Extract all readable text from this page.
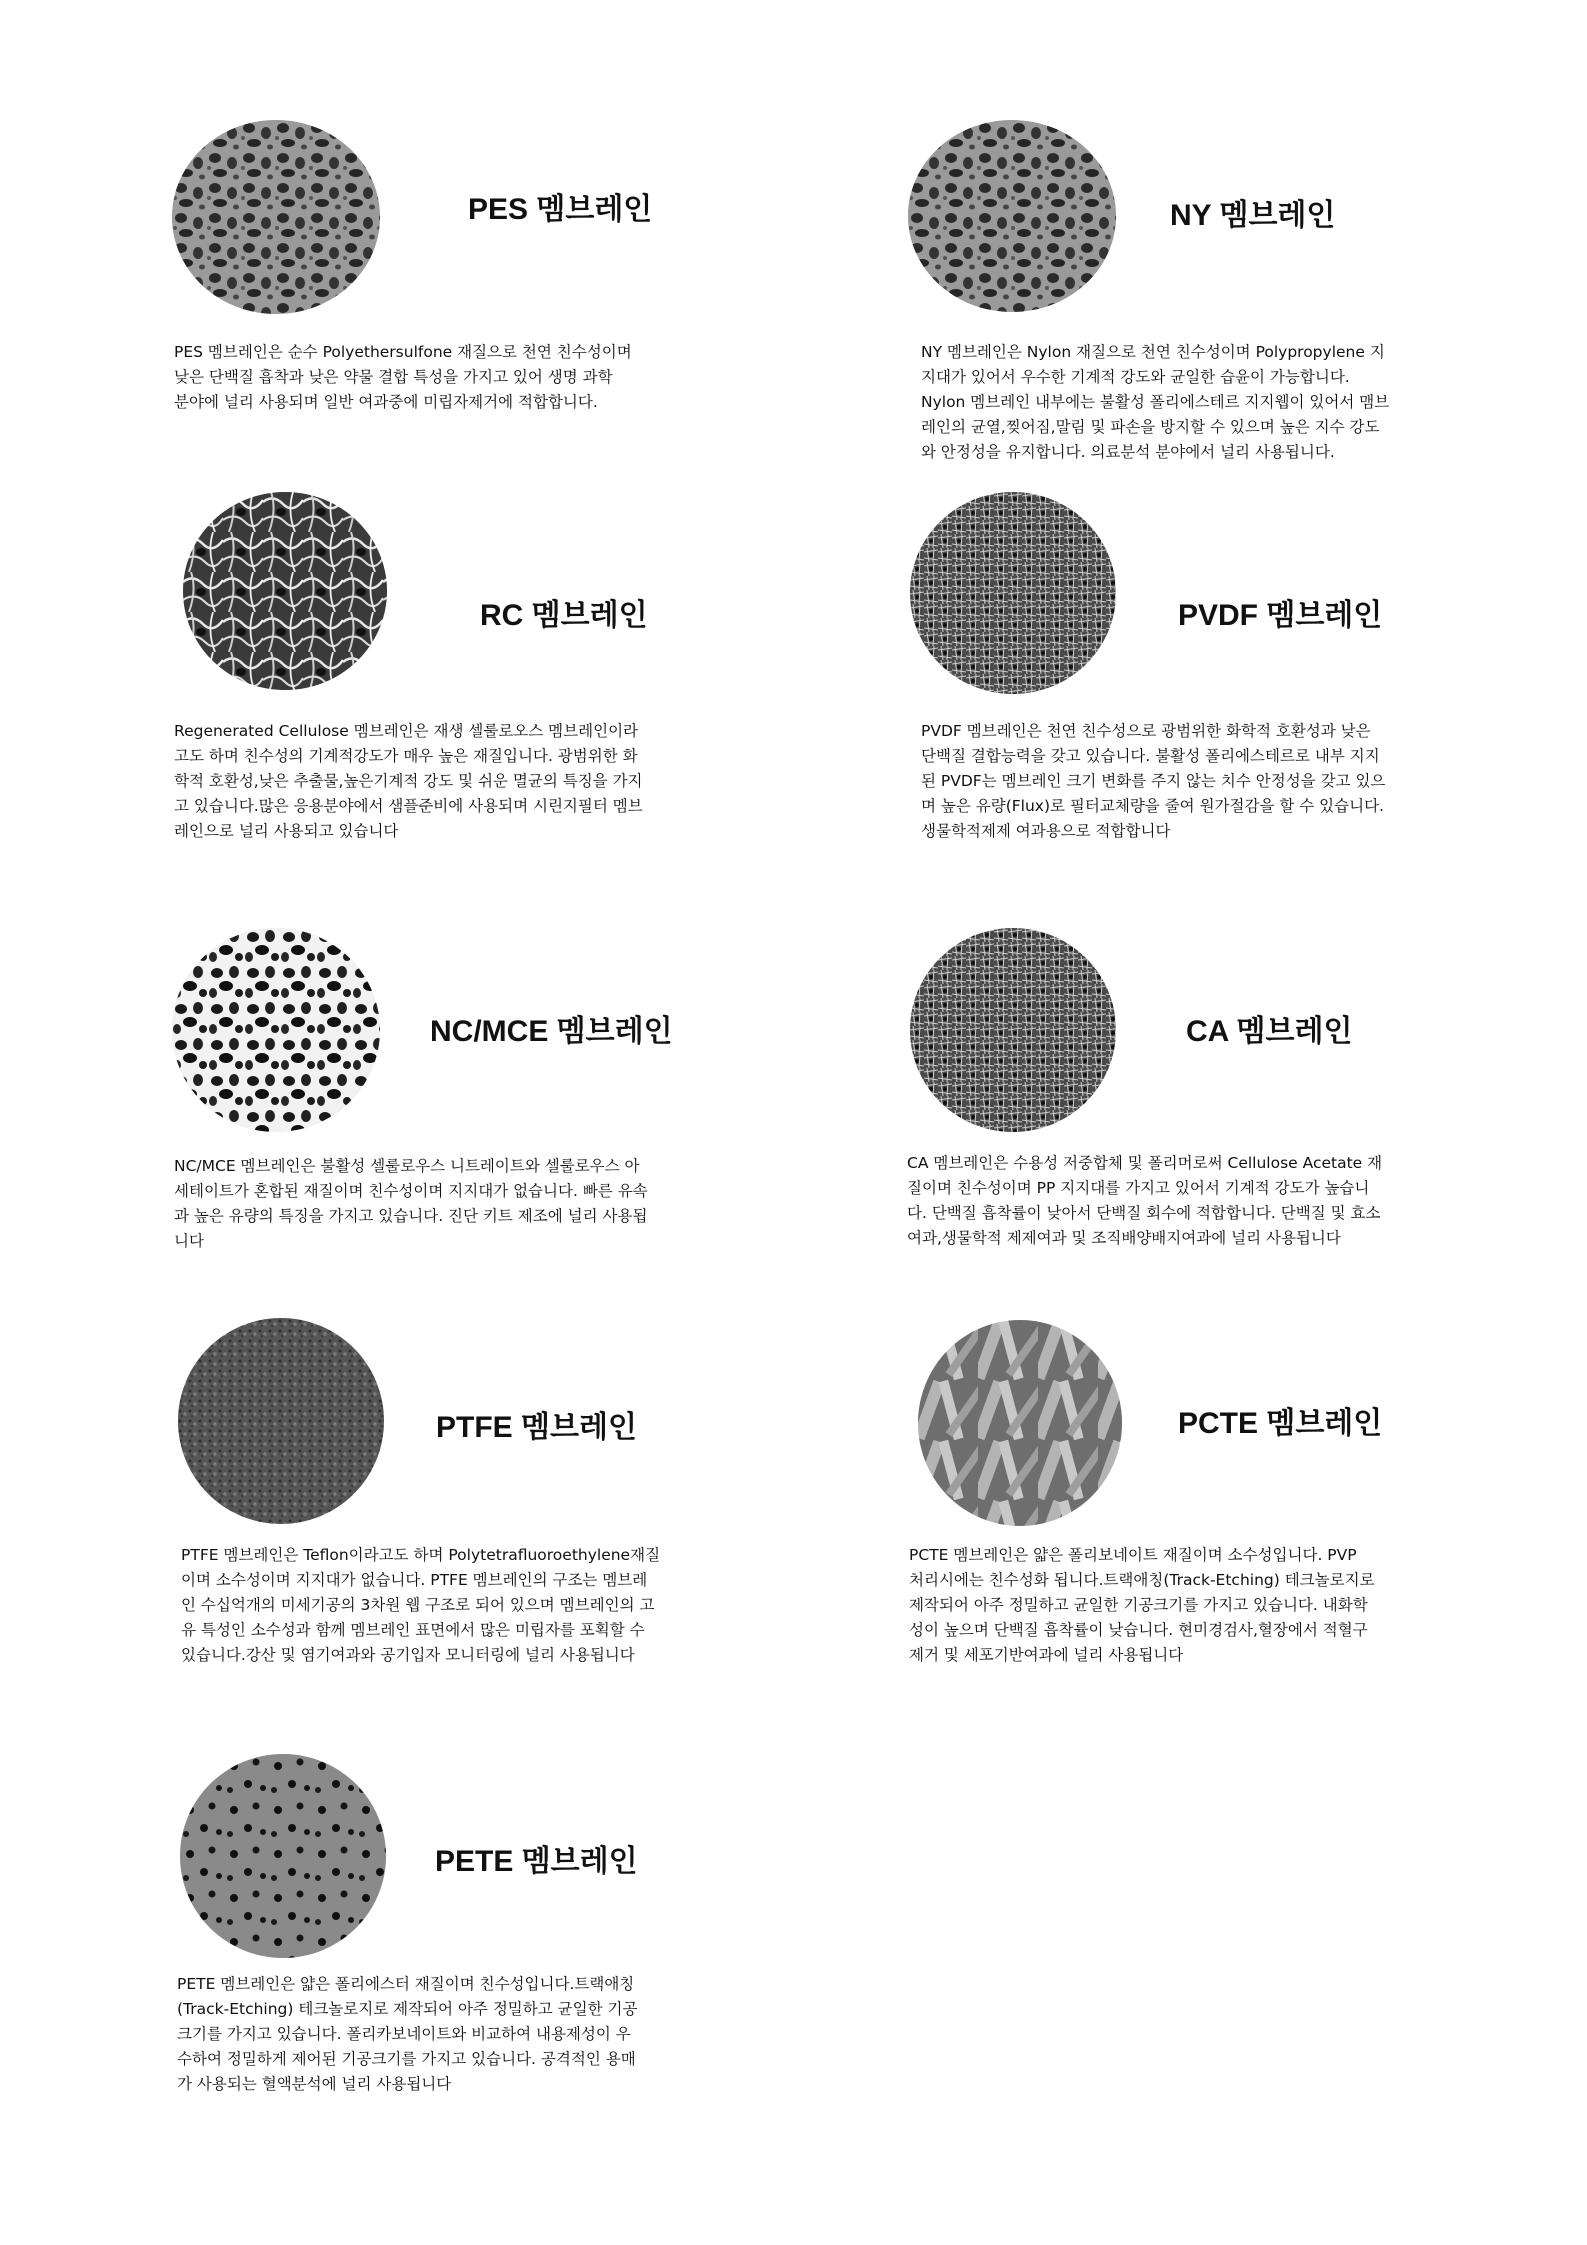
PES 멤브레인

PES 멤브레인은 순수 Polyethersulfone 재질으로 천연 친수성이며
낮은 단백질 흡착과 낮은 약물 결합 특성을 가지고 있어 생명 과학
분야에 널리 사용되며 일반 여과중에 미립자제거에 적합합니다.

NY 멤브레인

NY 멤브레인은 Nylon 재질으로 천연 친수성이며 Polypropylene 지
지대가 있어서 우수한 기계적 강도와 균일한 습윤이 가능합니다.
Nylon 멤브레인 내부에는 불활성 폴리에스테르 지지웹이 있어서 맴브
레인의 균열,찢어짐,말림 및 파손을 방지할 수 있으며 높은 지수 강도
와 안정성을 유지합니다. 의료분석 분야에서 널리 사용됩니다.

RC 멤브레인

Regenerated Cellulose 멤브레인은 재생 셀룰로오스 멤브레인이라
고도 하며 친수성의 기계적강도가 매우 높은 재질입니다. 광범위한 화
학적 호환성,낮은 추출물,높은기계적 강도 및 쉬운 멸균의 특징을 가지
고 있습니다.많은 응용분야에서 샘플준비에 사용되며 시린지필터 멤브
레인으로 널리 사용되고 있습니다

PVDF 멤브레인

PVDF 멤브레인은 천연 친수성으로 광범위한 화학적 호환성과 낮은
단백질 결합능력을 갖고 있습니다. 불활성 폴리에스테르로 내부 지지
된 PVDF는 멤브레인 크기 변화를 주지 않는 치수 안정성을 갖고 있으
며 높은 유량(Flux)로 필터교체량을 줄여 원가절감을 할 수 있습니다.
생물학적제제 여과용으로 적합합니다

NC/MCE 멤브레인

NC/MCE 멤브레인은 불활성 셀룰로우스 니트레이트와 셀룰로우스 아
세테이트가 혼합된 재질이며 친수성이며 지지대가 없습니다. 빠른 유속
과 높은 유량의 특징을 가지고 있습니다. 진단 키트 제조에 널리 사용됩
니다

CA 멤브레인

CA 멤브레인은 수용성 저중합체 및 폴리머로써 Cellulose Acetate 재
질이며 친수성이며 PP 지지대를 가지고 있어서 기계적 강도가 높습니
다. 단백질 흡착률이 낮아서 단백질 회수에 적합합니다. 단백질 및 효소
여과,생물학적 제제여과 및 조직배양배지여과에 널리 사용됩니다

PTFE 멤브레인

PTFE 멤브레인은 Teflon이라고도 하며 Polytetrafluoroethylene재질
이며 소수성이며 지지대가 없습니다. PTFE 멤브레인의 구조는 멤브레
인 수십억개의 미세기공의 3차원 웹 구조로 되어 있으며 멤브레인의 고
유 특성인 소수성과 함께 멤브레인 표면에서 많은 미립자를 포획할 수
있습니다.강산 및 염기여과와 공기입자 모니터링에 널리 사용됩니다

PCTE 멤브레인

PCTE 멤브레인은 얇은 폴리보네이트 재질이며 소수성입니다. PVP
처리시에는 친수성화 됩니다.트랙애칭(Track-Etching) 테크놀로지로
제작되어 아주 정밀하고 균일한 기공크기를 가지고 있습니다. 내화학
성이 높으며 단백질 흡착률이 낮습니다. 현미경검사,혈장에서 적혈구
제거 및 세포기반여과에 널리 사용됩니다

PETE 멤브레인

PETE 멤브레인은 얇은 폴리에스터 재질이며 친수성입니다.트랙애칭
(Track-Etching) 테크놀로지로 제작되어 아주 정밀하고 균일한 기공
크기를 가지고 있습니다. 폴리카보네이트와 비교하여 내용제성이 우
수하여 정밀하게 제어된 기공크기를 가지고 있습니다. 공격적인 용매
가 사용되는 혈액분석에 널리 사용됩니다
